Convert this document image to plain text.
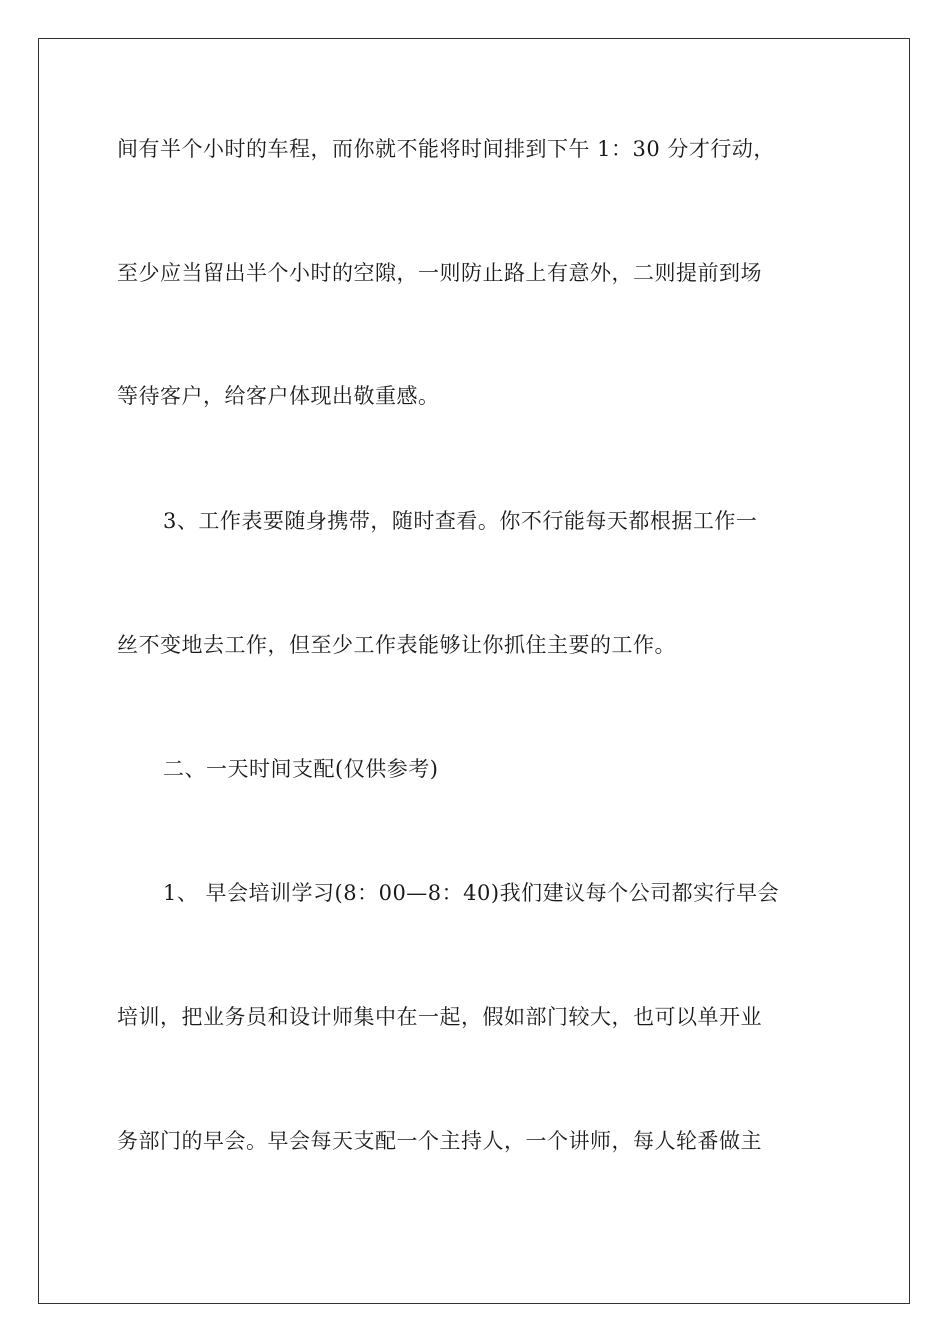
间有半个小时的车程，而你就不能将时间排到下午 1：30 分才行动，
至少应当留出半个小时的空隙，一则防止路上有意外，二则提前到场
等待客户，给客户体现出敬重感。
3、工作表要随身携带，随时查看。你不行能每天都根据工作一
丝不变地去工作，但至少工作表能够让你抓住主要的工作。
二、一天时间支配(仅供参考)
1、 早会培训学习(8：00—8：40)我们建议每个公司都实行早会
培训，把业务员和设计师集中在一起，假如部门较大，也可以单开业
务部门的早会。早会每天支配一个主持人，一个讲师，每人轮番做主
